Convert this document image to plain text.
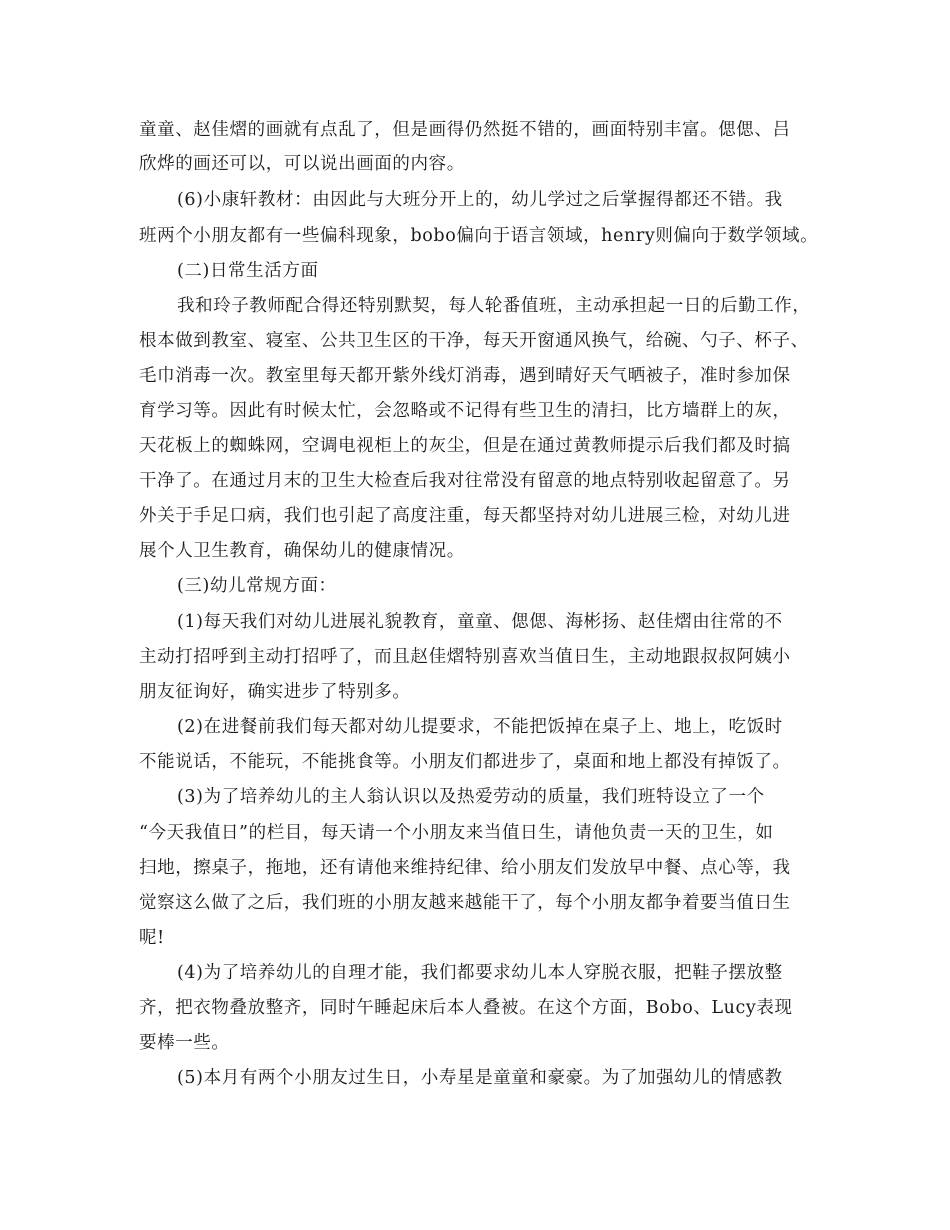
童童、赵佳熠的画就有点乱了，但是画得仍然挺不错的，画面特别丰富。偲偲、吕
欣烨的画还可以，可以说出画面的内容。
(6)小康轩教材：由因此与大班分开上的，幼儿学过之后掌握得都还不错。我
班两个小朋友都有一些偏科现象，bobo偏向于语言领域，henry则偏向于数学领域。
(二)日常生活方面
我和玲子教师配合得还特别默契，每人轮番值班，主动承担起一日的后勤工作，
根本做到教室、寝室、公共卫生区的干净，每天开窗通风换气，给碗、勺子、杯子、
毛巾消毒一次。教室里每天都开紫外线灯消毒，遇到晴好天气晒被子，准时参加保
育学习等。因此有时候太忙，会忽略或不记得有些卫生的清扫，比方墙群上的灰，
天花板上的蜘蛛网，空调电视柜上的灰尘，但是在通过黄教师提示后我们都及时搞
干净了。在通过月末的卫生大检查后我对往常没有留意的地点特别收起留意了。另
外关于手足口病，我们也引起了高度注重，每天都坚持对幼儿进展三检，对幼儿进
展个人卫生教育，确保幼儿的健康情况。
(三)幼儿常规方面：
(1)每天我们对幼儿进展礼貌教育，童童、偲偲、海彬扬、赵佳熠由往常的不
主动打招呼到主动打招呼了，而且赵佳熠特别喜欢当值日生，主动地跟叔叔阿姨小
朋友征询好，确实进步了特别多。
(2)在进餐前我们每天都对幼儿提要求，不能把饭掉在桌子上、地上，吃饭时
不能说话，不能玩，不能挑食等。小朋友们都进步了，桌面和地上都没有掉饭了。
(3)为了培养幼儿的主人翁认识以及热爱劳动的质量，我们班特设立了一个
“今天我值日”的栏目，每天请一个小朋友来当值日生，请他负责一天的卫生，如
扫地，擦桌子，拖地，还有请他来维持纪律、给小朋友们发放早中餐、点心等，我
觉察这么做了之后，我们班的小朋友越来越能干了，每个小朋友都争着要当值日生
呢!
(4)为了培养幼儿的自理才能，我们都要求幼儿本人穿脱衣服，把鞋子摆放整
齐，把衣物叠放整齐，同时午睡起床后本人叠被。在这个方面，Bobo、Lucy表现
要棒一些。
(5)本月有两个小朋友过生日，小寿星是童童和豪豪。为了加强幼儿的情感教
